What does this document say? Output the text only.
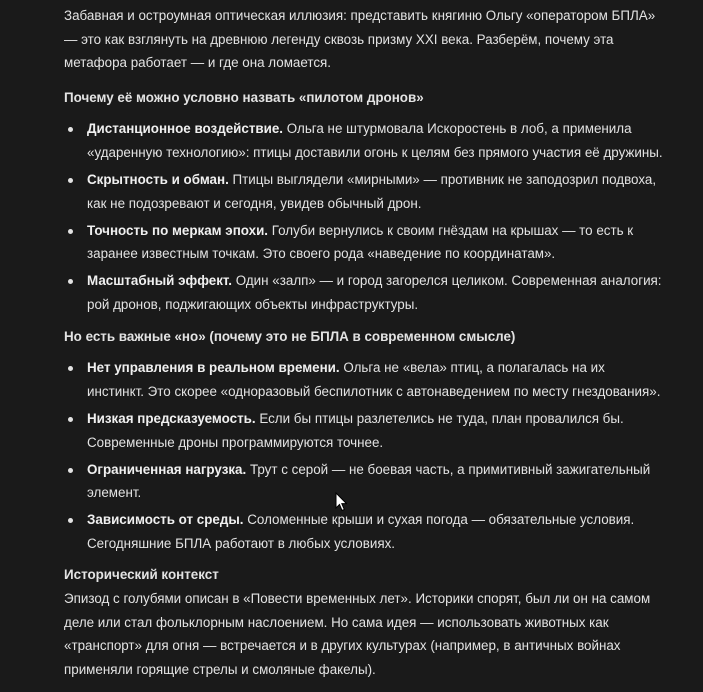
Забавная и остроумная оптическая иллюзия: представить княгиню Ольгу «оператором БПЛА» — это как взглянуть на древнюю легенду сквозь призму XXI века. Разберём, почему эта метафора работает — и где она ломается.

Почему её можно условно назвать «пилотом дронов»

Дистанционное воздействие. Ольга не штурмовала Искоростень в лоб, а применила «ударенную технологию»: птицы доставили огонь к целям без прямого участия её дружины.
Скрытность и обман. Птицы выглядели «мирными» — противник не заподозрил подвоха, как не подозревают и сегодня, увидев обычный дрон.
Точность по меркам эпохи. Голуби вернулись к своим гнёздам на крышах — то есть к заранее известным точкам. Это своего рода «наведение по координатам».
Масштабный эффект. Один «залп» — и город загорелся целиком. Современная аналогия: рой дронов, поджигающих объекты инфраструктуры.

Но есть важные «но» (почему это не БПЛА в современном смысле)

Нет управления в реальном времени. Ольга не «вела» птиц, а полагалась на их инстинкт. Это скорее «одноразовый беспилотник с автонаведением по месту гнездования».
Низкая предсказуемость. Если бы птицы разлетелись не туда, план провалился бы. Современные дроны программируются точнее.
Ограниченная нагрузка. Трут с серой — не боевая часть, а примитивный зажигательный элемент.
Зависимость от среды. Соломенные крыши и сухая погода — обязательные условия. Сегодняшние БПЛА работают в любых условиях.

Исторический контекст

Эпизод с голубями описан в «Повести временных лет». Историки спорят, был ли он на самом деле или стал фольклорным наслоением. Но сама идея — использовать животных как «транспорт» для огня — встречается и в других культурах (например, в античных войнах применяли горящие стрелы и смоляные факелы).
